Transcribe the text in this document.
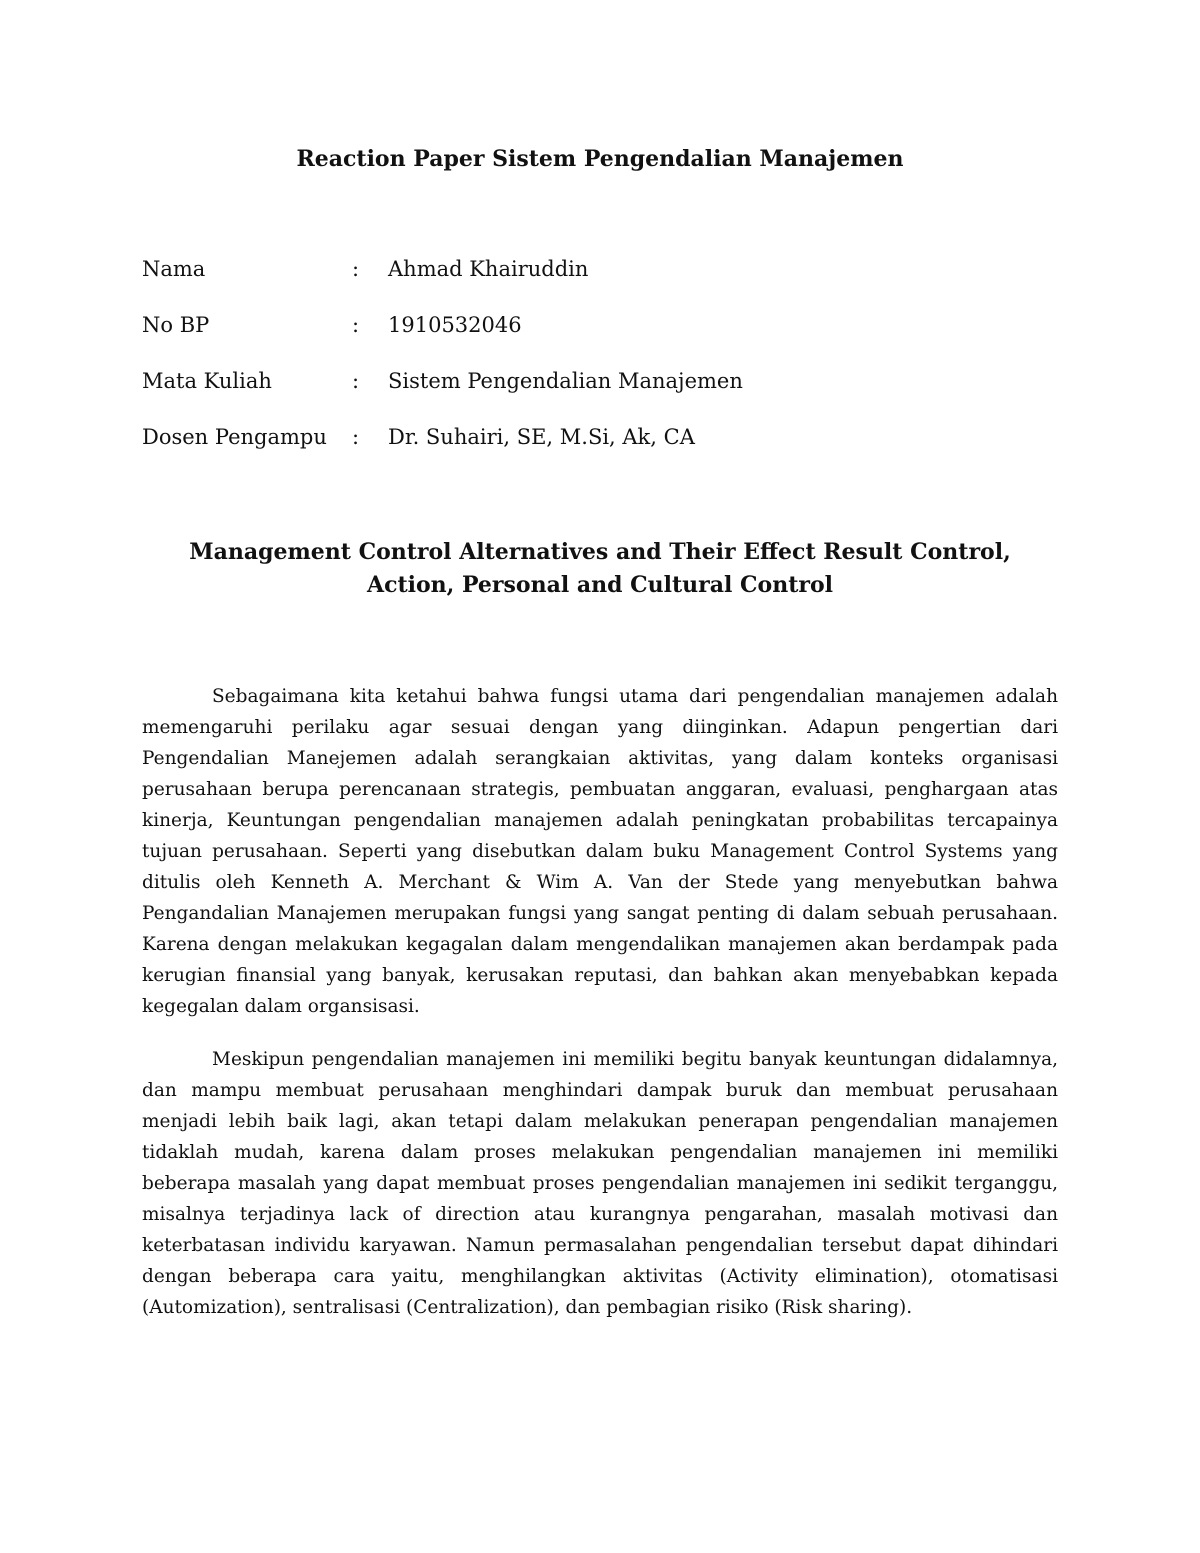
Reaction Paper Sistem Pengendalian Manajemen
Nama	: Ahmad Khairuddin
No BP	: 1910532046
Mata Kuliah	: Sistem Pengendalian Manajemen
Dosen Pengampu : Dr. Suhairi, SE, M.Si, Ak, CA
Management Control Alternatives and Their Effect Result Control, Action, Personal and Cultural Control

Sebagaimana kita ketahui bahwa fungsi utama dari pengendalian manajemen adalah memengaruhi perilaku agar sesuai dengan yang diinginkan. Adapun pengertian dari Pengendalian Manejemen adalah serangkaian aktivitas, yang dalam konteks organisasi perusahaan berupa perencanaan strategis, pembuatan anggaran, evaluasi, penghargaan atas kinerja, Keuntungan pengendalian manajemen adalah peningkatan probabilitas tercapainya tujuan perusahaan. Seperti yang disebutkan dalam buku Management Control Systems yang ditulis oleh Kenneth A. Merchant & Wim A. Van der Stede yang menyebutkan bahwa Pengandalian Manajemen merupakan fungsi yang sangat penting di dalam sebuah perusahaan. Karena dengan melakukan kegagalan dalam mengendalikan manajemen akan berdampak pada kerugian finansial yang banyak, kerusakan reputasi, dan bahkan akan menyebabkan kepada kegegalan dalam organsisasi.

Meskipun pengendalian manajemen ini memiliki begitu banyak keuntungan didalamnya, dan mampu membuat perusahaan menghindari dampak buruk dan membuat perusahaan menjadi lebih baik lagi, akan tetapi dalam melakukan penerapan pengendalian manajemen tidaklah mudah, karena dalam proses melakukan pengendalian manajemen ini memiliki beberapa masalah yang dapat membuat proses pengendalian manajemen ini sedikit terganggu, misalnya terjadinya lack of direction atau kurangnya pengarahan, masalah motivasi dan keterbatasan individu karyawan. Namun permasalahan pengendalian tersebut dapat dihindari dengan beberapa cara yaitu, menghilangkan aktivitas (Activity elimination), otomatisasi (Automization), sentralisasi (Centralization), dan pembagian risiko (Risk sharing).
